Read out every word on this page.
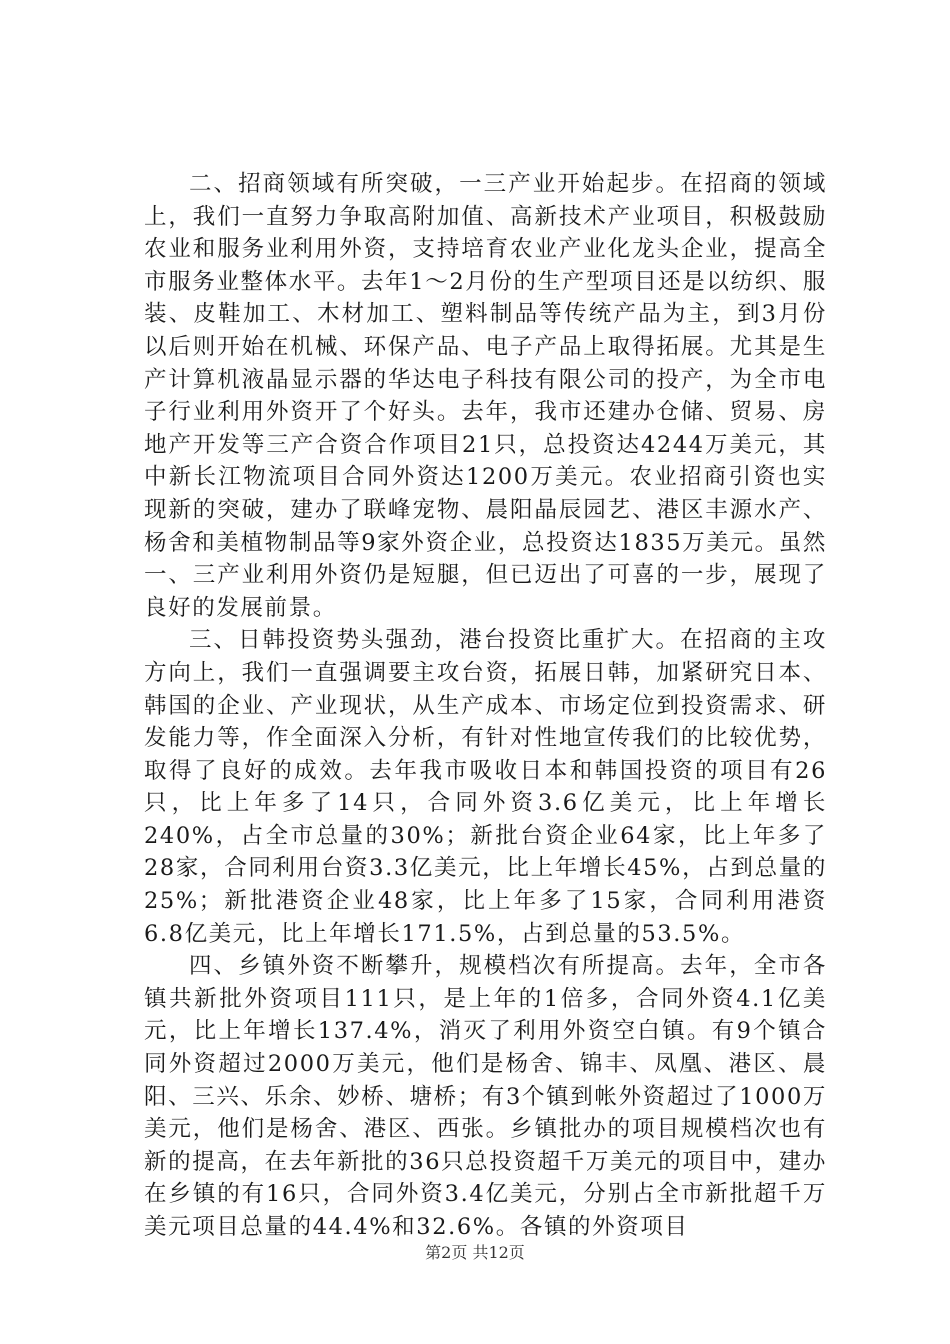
二、招商领域有所突破，一三产业开始起步。在招商的领域上，我们一直努力争取高附加值、高新技术产业项目，积极鼓励农业和服务业利用外资，支持培育农业产业化龙头企业，提高全市服务业整体水平。去年1～2月份的生产型项目还是以纺织、服装、皮鞋加工、木材加工、塑料制品等传统产品为主，到3月份以后则开始在机械、环保产品、电子产品上取得拓展。尤其是生产计算机液晶显示器的华达电子科技有限公司的投产，为全市电子行业利用外资开了个好头。去年，我市还建办仓储、贸易、房地产开发等三产合资合作项目21只，总投资达4244万美元，其中新长江物流项目合同外资达1200万美元。农业招商引资也实现新的突破，建办了联峰宠物、晨阳晶辰园艺、港区丰源水产、杨舍和美植物制品等9家外资企业，总投资达1835万美元。虽然一、三产业利用外资仍是短腿，但已迈出了可喜的一步，展现了良好的发展前景。

三、日韩投资势头强劲，港台投资比重扩大。在招商的主攻方向上，我们一直强调要主攻台资，拓展日韩，加紧研究日本、韩国的企业、产业现状，从生产成本、市场定位到投资需求、研发能力等，作全面深入分析，有针对性地宣传我们的比较优势，取得了良好的成效。去年我市吸收日本和韩国投资的项目有26只，比上年多了14只，合同外资3.6亿美元，比上年增长240%，占全市总量的30%；新批台资企业64家，比上年多了28家，合同利用台资3.3亿美元，比上年增长45%，占到总量的25%；新批港资企业48家，比上年多了15家，合同利用港资6.8亿美元，比上年增长171.5%，占到总量的53.5%。

四、乡镇外资不断攀升，规模档次有所提高。去年，全市各镇共新批外资项目111只，是上年的1倍多，合同外资4.1亿美元，比上年增长137.4%，消灭了利用外资空白镇。有9个镇合同外资超过2000万美元，他们是杨舍、锦丰、凤凰、港区、晨阳、三兴、乐余、妙桥、塘桥；有3个镇到帐外资超过了1000万美元，他们是杨舍、港区、西张。乡镇批办的项目规模档次也有新的提高，在去年新批的36只总投资超千万美元的项目中，建办在乡镇的有16只，合同外资3.4亿美元，分别占全市新批超千万美元项目总量的44.4%和32.6%。各镇的外资项目

第2页 共12页
